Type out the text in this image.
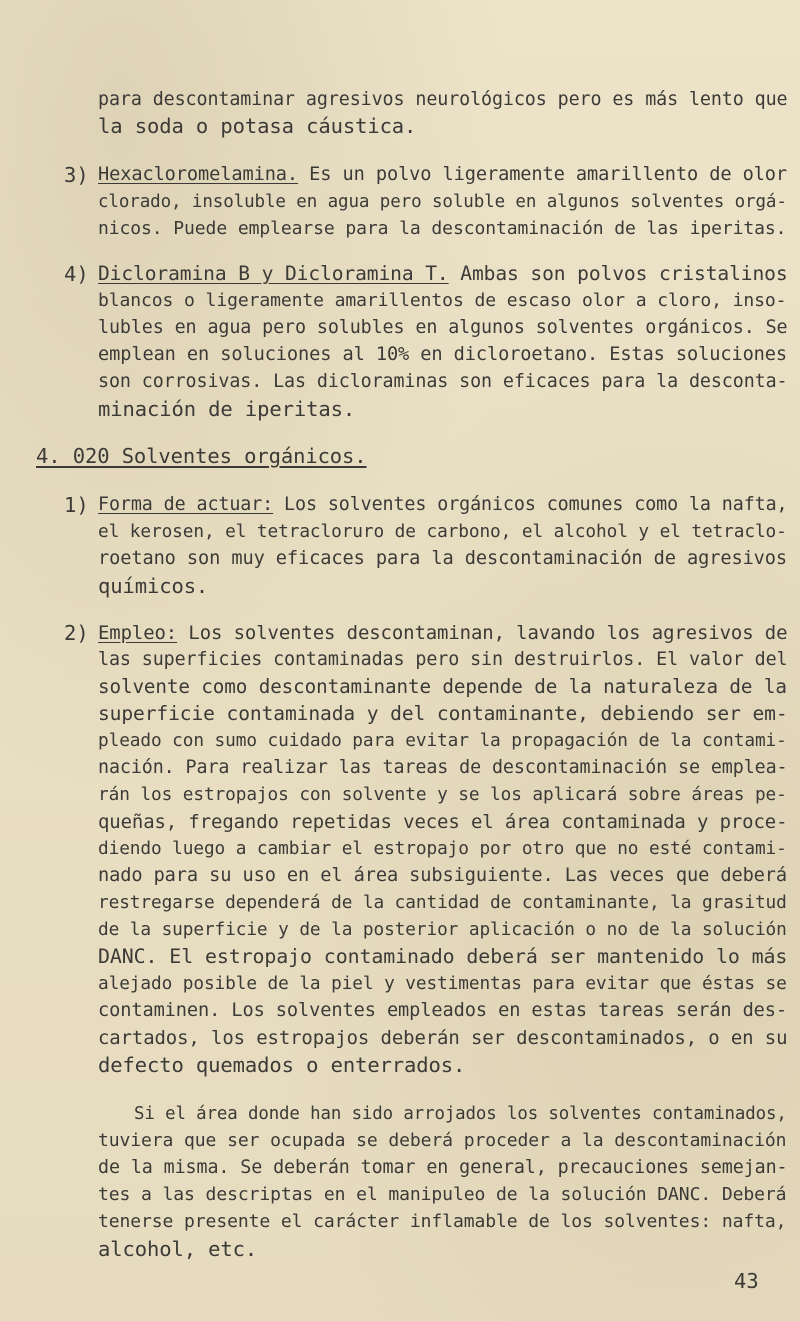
para descontaminar agresivos neurológicos pero es más lento que
la soda o potasa cáustica.
3) Hexacloromelamina. Es un polvo ligeramente amarillento de olor
clorado, insoluble en agua pero soluble en algunos solventes orgá-
nicos. Puede emplearse para la descontaminación de las iperitas.
4) Dicloramina B y Dicloramina T. Ambas son polvos cristalinos
blancos o ligeramente amarillentos de escaso olor a cloro, inso-
lubles en agua pero solubles en algunos solventes orgánicos. Se
emplean en soluciones al 10% en dicloroetano. Estas soluciones
son corrosivas. Las dicloraminas son eficaces para la desconta-
minación de iperitas.
4. 020 Solventes orgánicos.
1) Forma de actuar: Los solventes orgánicos comunes como la nafta,
el kerosen, el tetracloruro de carbono, el alcohol y el tetraclo-
roetano son muy eficaces para la descontaminación de agresivos
químicos.
2) Empleo: Los solventes descontaminan, lavando los agresivos de
las superficies contaminadas pero sin destruirlos. El valor del
solvente como descontaminante depende de la naturaleza de la
superficie contaminada y del contaminante, debiendo ser em-
pleado con sumo cuidado para evitar la propagación de la contami-
nación. Para realizar las tareas de descontaminación se emplea-
rán los estropajos con solvente y se los aplicará sobre áreas pe-
queñas, fregando repetidas veces el área contaminada y proce-
diendo luego a cambiar el estropajo por otro que no esté contami-
nado para su uso en el área subsiguiente. Las veces que deberá
restregarse dependerá de la cantidad de contaminante, la grasitud
de la superficie y de la posterior aplicación o no de la solución
DANC. El estropajo contaminado deberá ser mantenido lo más
alejado posible de la piel y vestimentas para evitar que éstas se
contaminen. Los solventes empleados en estas tareas serán des-
cartados, los estropajos deberán ser descontaminados, o en su
defecto quemados o enterrados.
Si el área donde han sido arrojados los solventes contaminados,
tuviera que ser ocupada se deberá proceder a la descontaminación
de la misma. Se deberán tomar en general, precauciones semejan-
tes a las descriptas en el manipuleo de la solución DANC. Deberá
tenerse presente el carácter inflamable de los solventes: nafta,
alcohol, etc.
43
